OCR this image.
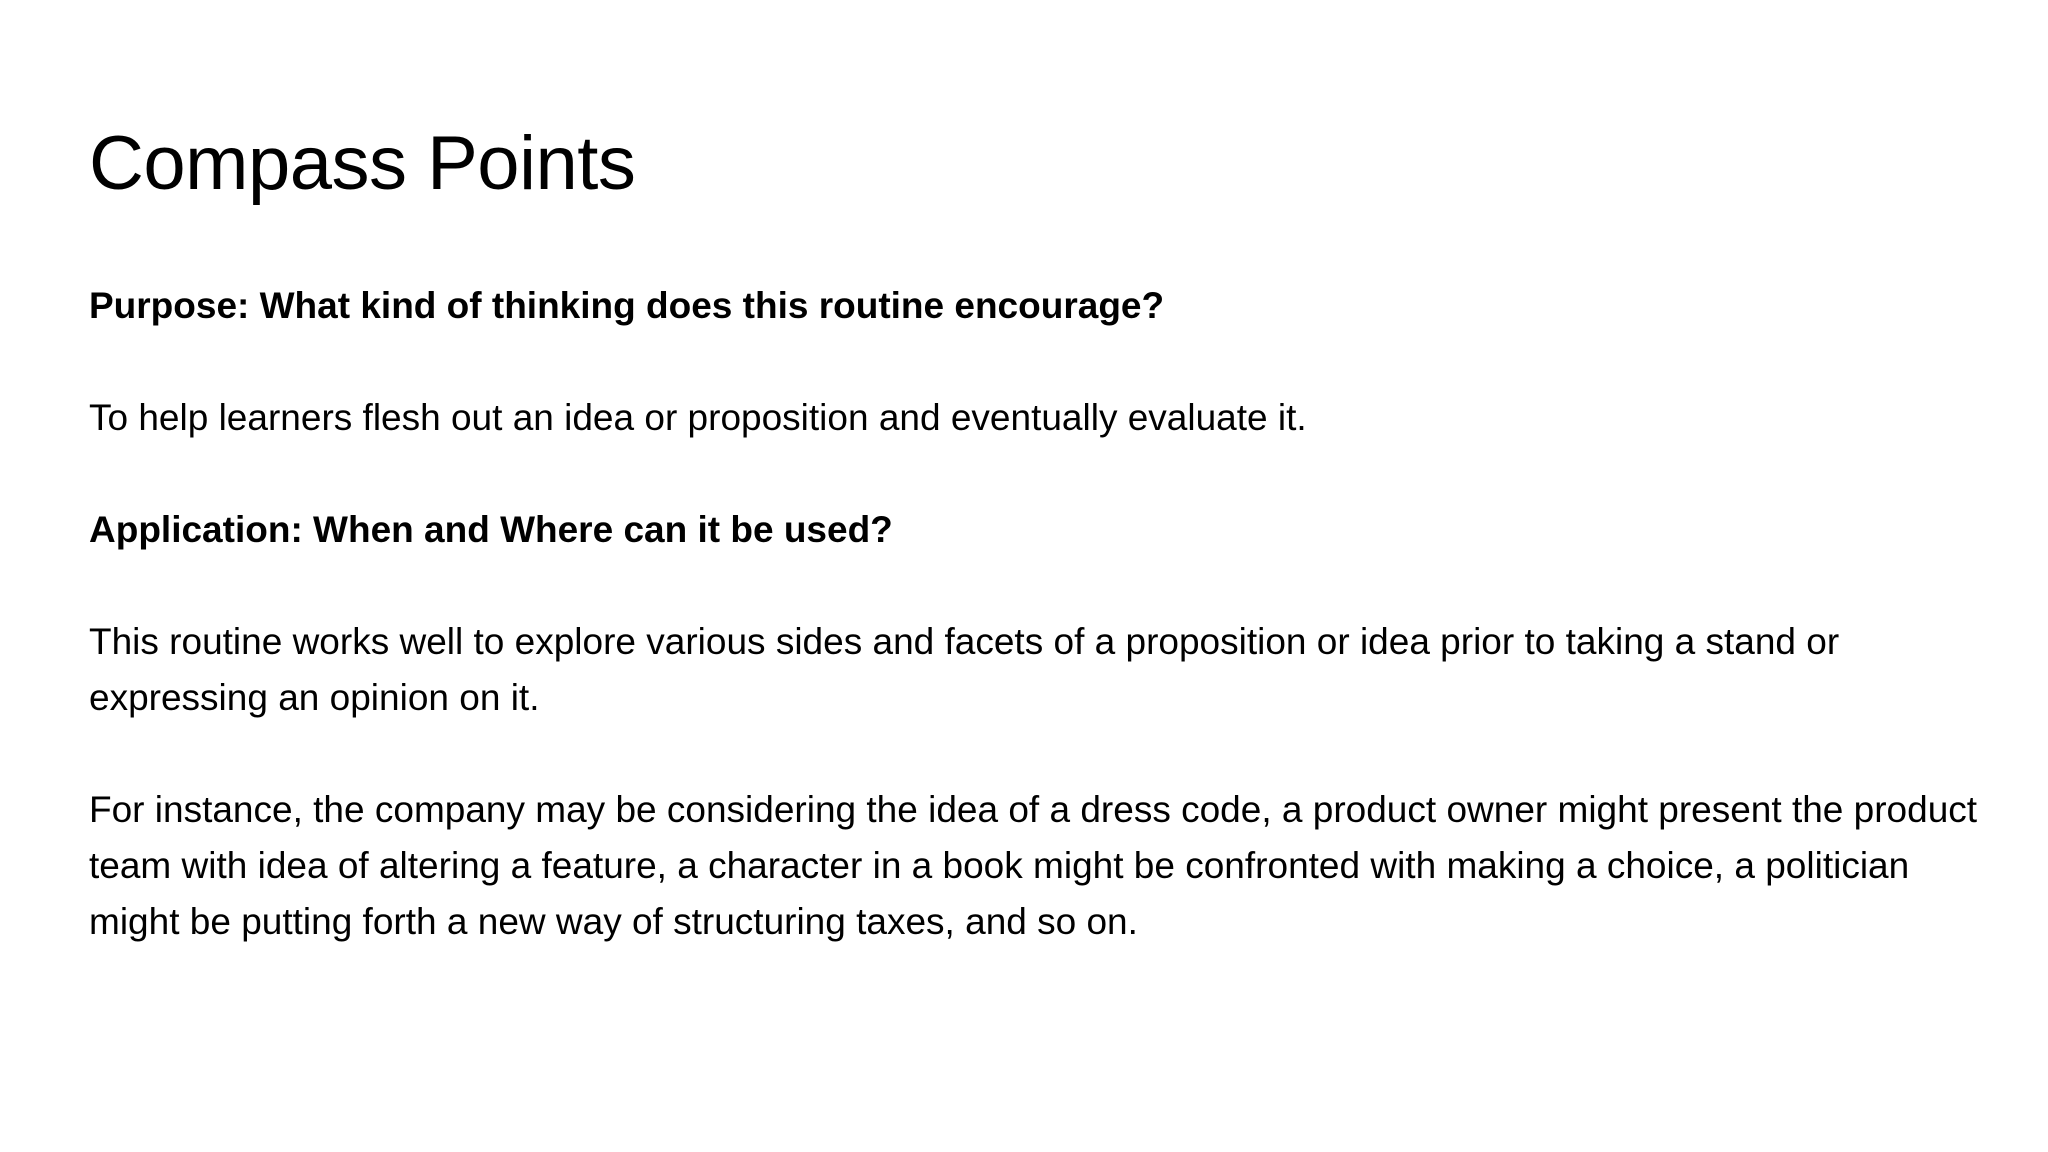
Compass Points

Purpose: What kind of thinking does this routine encourage?

To help learners flesh out an idea or proposition and eventually evaluate it.

Application: When and Where can it be used?

This routine works well to explore various sides and facets of a proposition or idea prior to taking a stand or expressing an opinion on it.

For instance, the company may be considering the idea of a dress code, a product owner might present the product team with idea of altering a feature, a character in a book might be confronted with making a choice, a politician might be putting forth a new way of structuring taxes, and so on.
